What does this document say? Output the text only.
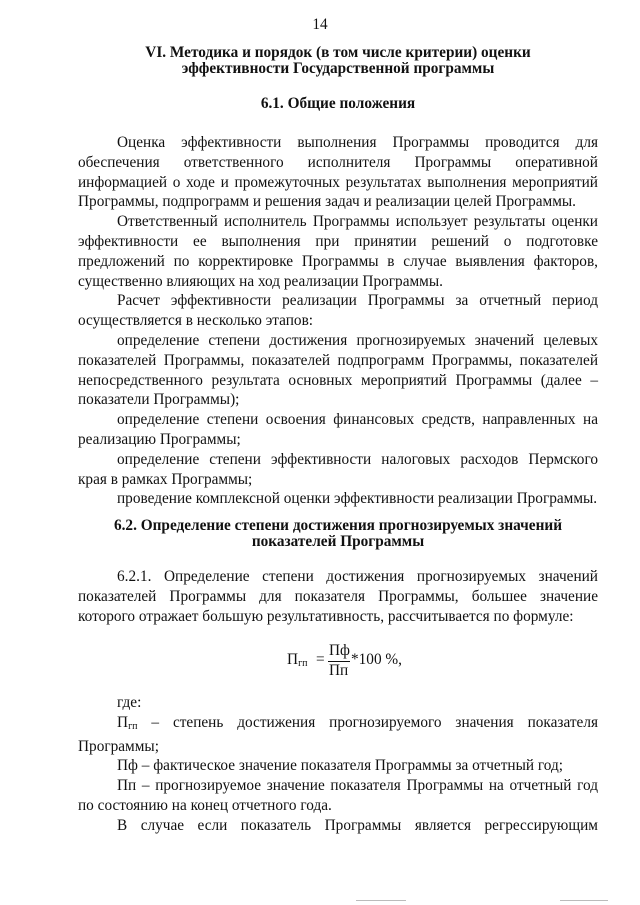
14
VI. Методика и порядок (в том числе критерии) оценки
эффективности Государственной программы
6.1. Общие положения

Оценка эффективности выполнения Программы проводится для обеспечения ответственного исполнителя Программы оперативной информацией о ходе и промежуточных результатах выполнения мероприятий Программы, подпрограмм и решения задач и реализации целей Программы.

Ответственный исполнитель Программы использует результаты оценки эффективности ее выполнения при принятии решений о подготовке предложений по корректировке Программы в случае выявления факторов, существенно влияющих на ход реализации Программы.

Расчет эффективности реализации Программы за отчетный период осуществляется в несколько этапов:

определение степени достижения прогнозируемых значений целевых показателей Программы, показателей подпрограмм Программы, показателей непосредственного результата основных мероприятий Программы (далее – показатели Программы);

определение степени освоения финансовых средств, направленных на реализацию Программы;

определение степени эффективности налоговых расходов Пермского края в рамках Программы;

проведение комплексной оценки эффективности реализации Программы.

6.2. Определение степени достижения прогнозируемых значений
показателей Программы

6.2.1. Определение степени достижения прогнозируемых значений показателей Программы для показателя Программы, большее значение которого отражает большую результативность, рассчитывается по формуле:

$П_{гп}$ =
Пф
Пп
*100 %,

где:

$П_{гп}$ – степень достижения прогнозируемого значения показателя Программы;

Пф – фактическое значение показателя Программы за отчетный год;

Пп – прогнозируемое значение показателя Программы на отчетный год по состоянию на конец отчетного года.

В случае если показатель Программы является регрессирующим
